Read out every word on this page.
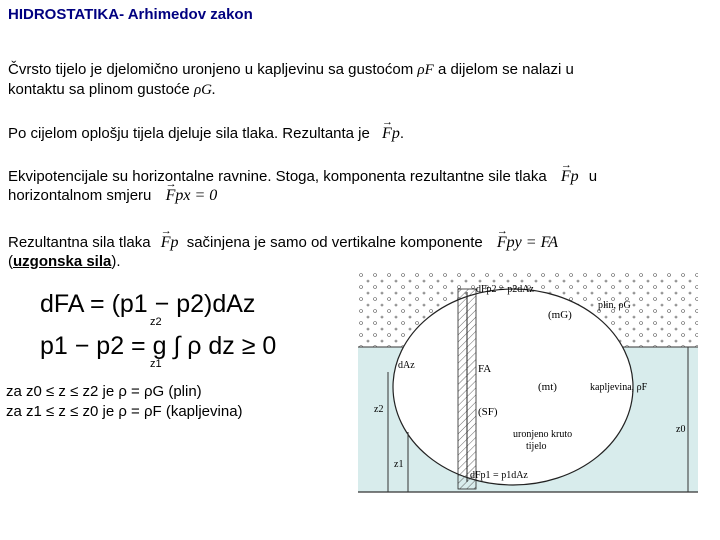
HIDROSTATIKA- Arhimedov zakon
Čvrsto tijelo je djelomično uronjeno u kapljevinu sa gustoćom ρF a dijelom se nalazi u
kontaktu sa plinom gustoće ρG.
Po cijelom oplošju tijela djeluje sila tlaka. Rezultanta je → Fp.
Ekvipotencijale su horizontalne ravnine. Stoga, komponenta rezultantne sile tlaka → Fp u
horizontalnom smjeru → Fpx = 0
Rezultantna sila tlaka → Fp sačinjena je samo od vertikalne komponente → Fpy = FA
(uzgonska sila).
dFA = (p1 − p2)dAz
p1 − p2 = g ∫ ρ dz ≥ 0
z2
z1
za z0 ≤ z ≤ z2 je ρ = ρG (plin)
za z1 ≤ z ≤ z0 je ρ = ρF (kapljevina)
dFp2 = p2dAz
(mG)
plin, ρG
dAz	FA
(mt)	kapljevina, ρF
(SF)
uronjeno kruto
tijelo
z2
z1
z0
dFp1 = p1dAz
